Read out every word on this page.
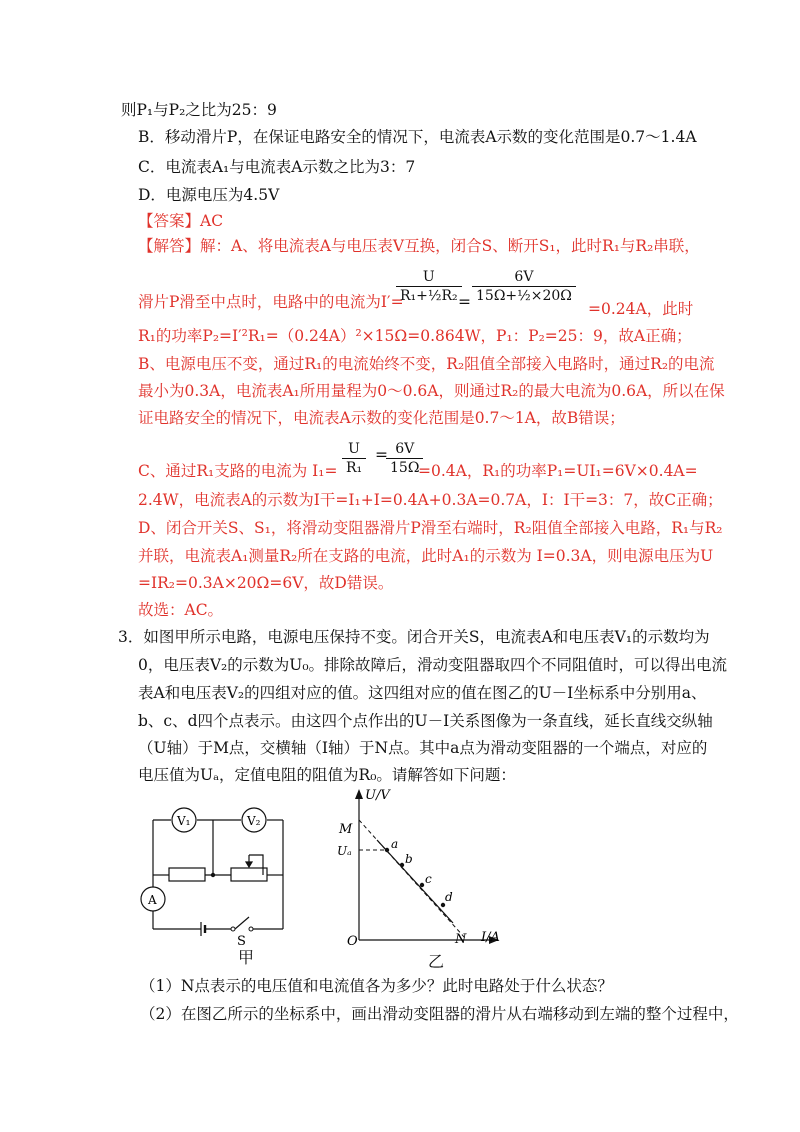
则P₁与P₂之比为25：9
B．移动滑片P，在保证电路安全的情况下，电流表A示数的变化范围是0.7～1.4A
C．电流表A₁与电流表A示数之比为3：7
D．电源电压为4.5V
【答案】AC
【解答】解：A、将电流表A与电压表V互换，闭合S、断开S₁，此时R₁与R₂串联，
滑片P滑至中点时，电路中的电流为I′=
$\frac{U}{\text{R₁+½R₂}}$
= $\frac{6V}{\text{15Ω+½×20Ω}}$
=0.24A，此时
R₁的功率P₂=I′²R₁=（0.24A）²×15Ω=0.864W，P₁：P₂=25：9，故A正确；
B、电源电压不变，通过R₁的电流始终不变，R₂阻值全部接入电路时，通过R₂的电流
最小为0.3A，电流表A₁所用量程为0～0.6A，则通过R₂的最大电流为0.6A，所以在保
证电路安全的情况下，电流表A示数的变化范围是0.7～1A，故B错误；
C、通过R₁支路的电流为 $I_1= \frac{U}{\text{R₁}}$ =
$\frac{6V}{15\Omega}$
=0.4A，R₁的功率P₁=UI₁=6V×0.4A=
2.4W，电流表A的示数为I干=I₁+I=0.4A+0.3A=0.7A，I：I干=3：7，故C正确；
D、闭合开关S、S₁，将滑动变阻器滑片P滑至右端时，R₂阻值全部接入电路，R₁与R₂
并联，电流表A₁测量R₂所在支路的电流，此时A₁的示数为 I=0.3A，则电源电压为U
=IR₂=0.3A×20Ω=6V，故D错误。
故选：AC。
3．如图甲所示电路，电源电压保持不变。闭合开关S，电流表A和电压表V₁的示数均为
0，电压表V₂的示数为U₀。排除故障后，滑动变阻器取四个不同阻值时，可以得出电流
表A和电压表V₂的四组对应的值。这四组对应的值在图乙的U－I坐标系中分别用a、
b、c、d四个点表示。由这四个点作出的U－I关系图像为一条直线，延长直线交纵轴
（U轴）于M点，交横轴（I轴）于N点。其中a点为滑动变阻器的一个端点，对应的
电压值为Uₐ，定值电阻的阻值为R₀。请解答如下问题：
V₁	V₂
A
S
甲
U/V
I/A
O
M
N
Uₐ	a
b
c
d
乙
（1）N点表示的电压值和电流值各为多少？此时电路处于什么状态？
（2）在图乙所示的坐标系中，画出滑动变阻器的滑片从右端移动到左端的整个过程中，
